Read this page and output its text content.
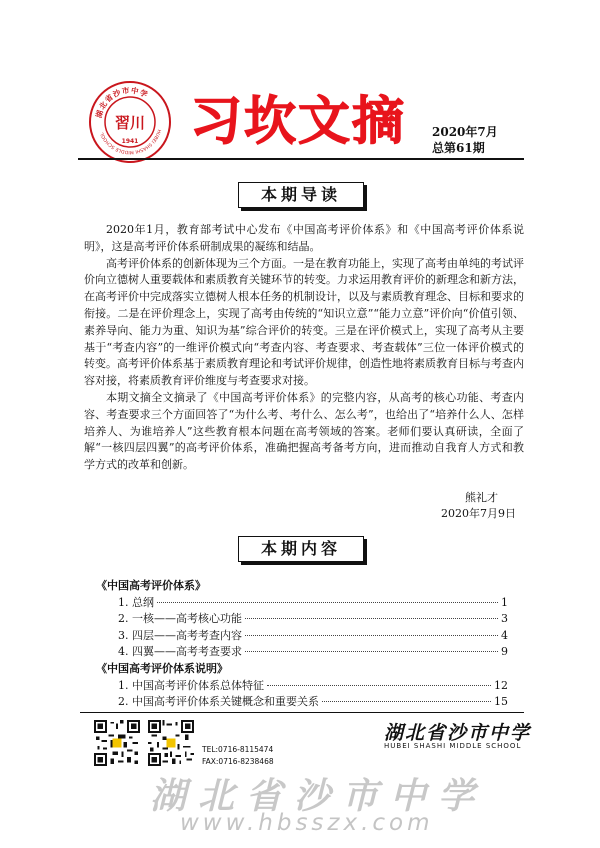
湖北省沙市中学
HUBEI SHASHI MIDDLE SCHOOL
習川
1941 习坎文摘	2020年7月
总第61期
本期导读

2020年1月，教育部考试中心发布《中国高考评价体系》和《中国高考评价体系说明》，这是高考评价体系研制成果的凝练和结晶。

高考评价体系的创新体现为三个方面。一是在教育功能上，实现了高考由单纯的考试评价向立德树人重要载体和素质教育关键环节的转变。力求运用教育评价的新理念和新方法，在高考评价中完成落实立德树人根本任务的机制设计，以及与素质教育理念、目标和要求的衔接。二是在评价理念上，实现了高考由传统的“知识立意”“能力立意”评价向“价值引领、素养导向、能力为重、知识为基”综合评价的转变。三是在评价模式上，实现了高考从主要基于“考查内容”的一维评价模式向“考查内容、考查要求、考查载体”三位一体评价模式的转变。高考评价体系基于素质教育理论和考试评价规律，创造性地将素质教育目标与考查内容对接，将素质教育评价维度与考查要求对接。

本期文摘全文摘录了《中国高考评价体系》的完整内容，从高考的核心功能、考查内容、考查要求三个方面回答了“为什么考、考什么、怎么考”，也给出了“培养什么人、怎样培养人、为谁培养人”这些教育根本问题在高考领域的答案。老师们要认真研读，全面了解“一核四层四翼”的高考评价体系，准确把握高考备考方向，进而推动自我育人方式和教学方式的改革和创新。

熊礼才
2020年7月9日
本期内容
《中国高考评价体系》
1. 总纲	1
2. 一核——高考核心功能	3
3. 四层——高考考查内容	4
4. 四翼——高考考查要求	9
《中国高考评价体系说明》
1. 中国高考评价体系总体特征	12
2. 中国高考评价体系关键概念和重要关系	15
TEL:0716-8115474
FAX:0716-8238468
湖北省沙市中学
HUBEI SHASHI MIDDLE SCHOOL
湖北省沙市中学
www.hbsszx.com
